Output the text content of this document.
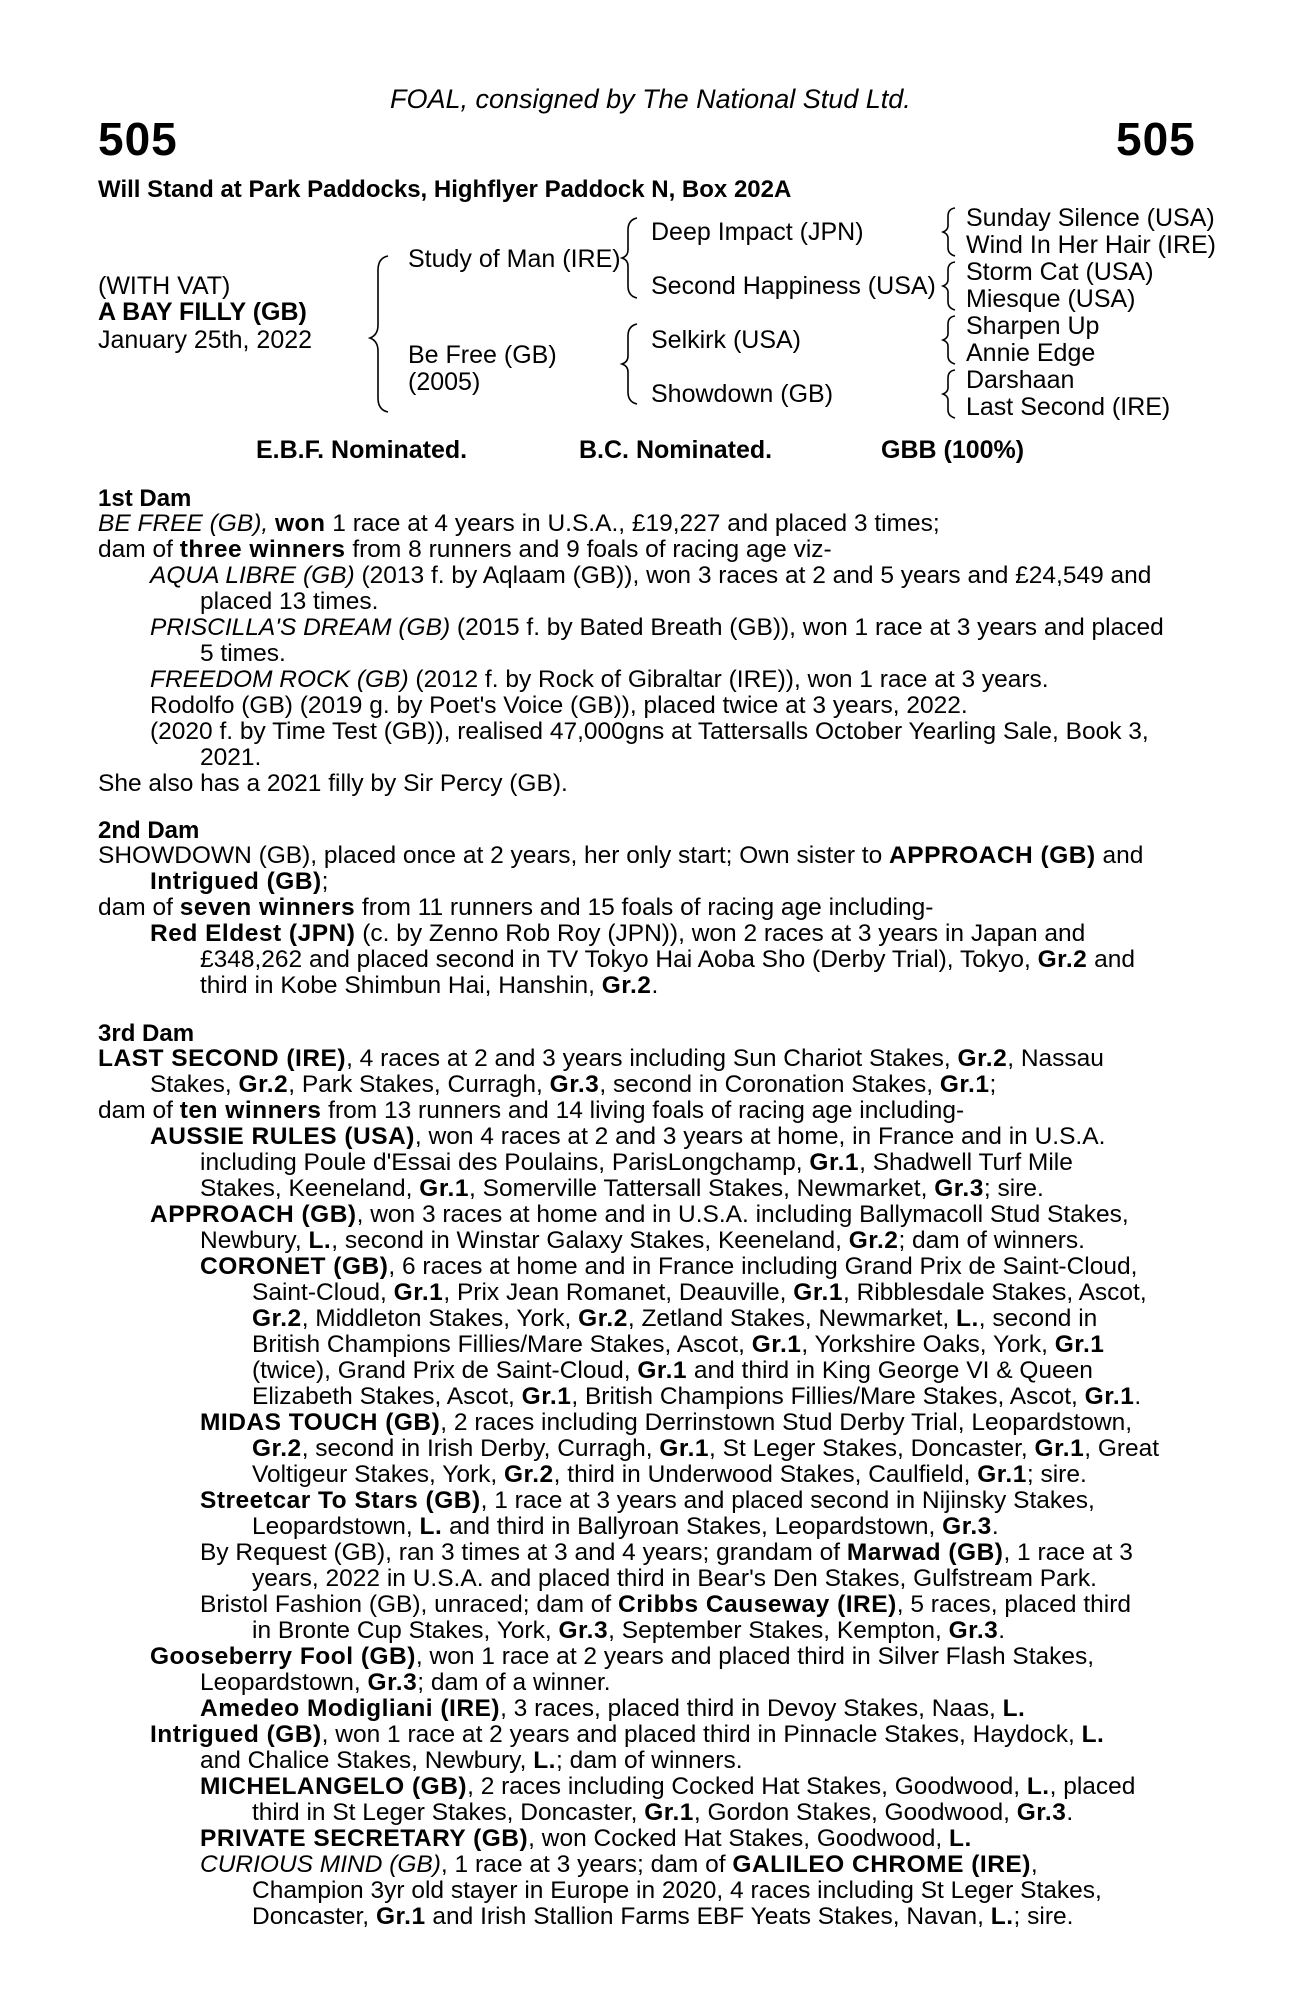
FOAL, consigned by The National Stud Ltd.
505	505
Will Stand at Park Paddocks, Highflyer Paddock N, Box 202A
(WITH VAT)
A BAY FILLY (GB)
January 25th, 2022
Study of Man (IRE)
Be Free (GB)
(2005)
Deep Impact (JPN)
Second Happiness (USA)
Selkirk (USA)
Showdown (GB)
Sunday Silence (USA)
Wind In Her Hair (IRE)
Storm Cat (USA)
Miesque (USA)
Sharpen Up
Annie Edge
Darshaan
Last Second (IRE)
E.B.F. Nominated.	B.C. Nominated.	GBB (100%)
1st Dam
BE FREE (GB), won 1 race at 4 years in U.S.A., £19,227 and placed 3 times;
dam of three winners from 8 runners and 9 foals of racing age viz-
AQUA LIBRE (GB) (2013 f. by Aqlaam (GB)), won 3 races at 2 and 5 years and £24,549 and
placed 13 times.
PRISCILLA'S DREAM (GB) (2015 f. by Bated Breath (GB)), won 1 race at 3 years and placed
5 times.
FREEDOM ROCK (GB) (2012 f. by Rock of Gibraltar (IRE)), won 1 race at 3 years.
Rodolfo (GB) (2019 g. by Poet's Voice (GB)), placed twice at 3 years, 2022.
(2020 f. by Time Test (GB)), realised 47,000gns at Tattersalls October Yearling Sale, Book 3,
2021.
She also has a 2021 filly by Sir Percy (GB).
2nd Dam
SHOWDOWN (GB), placed once at 2 years, her only start; Own sister to APPROACH (GB) and
Intrigued (GB);
dam of seven winners from 11 runners and 15 foals of racing age including-
Red Eldest (JPN) (c. by Zenno Rob Roy (JPN)), won 2 races at 3 years in Japan and
£348,262 and placed second in TV Tokyo Hai Aoba Sho (Derby Trial), Tokyo, Gr.2 and
third in Kobe Shimbun Hai, Hanshin, Gr.2.
3rd Dam
LAST SECOND (IRE), 4 races at 2 and 3 years including Sun Chariot Stakes, Gr.2, Nassau
Stakes, Gr.2, Park Stakes, Curragh, Gr.3, second in Coronation Stakes, Gr.1;
dam of ten winners from 13 runners and 14 living foals of racing age including-
AUSSIE RULES (USA), won 4 races at 2 and 3 years at home, in France and in U.S.A.
including Poule d'Essai des Poulains, ParisLongchamp, Gr.1, Shadwell Turf Mile
Stakes, Keeneland, Gr.1, Somerville Tattersall Stakes, Newmarket, Gr.3; sire.
APPROACH (GB), won 3 races at home and in U.S.A. including Ballymacoll Stud Stakes,
Newbury, L., second in Winstar Galaxy Stakes, Keeneland, Gr.2; dam of winners.
CORONET (GB), 6 races at home and in France including Grand Prix de Saint-Cloud,
Saint-Cloud, Gr.1, Prix Jean Romanet, Deauville, Gr.1, Ribblesdale Stakes, Ascot,
Gr.2, Middleton Stakes, York, Gr.2, Zetland Stakes, Newmarket, L., second in
British Champions Fillies/Mare Stakes, Ascot, Gr.1, Yorkshire Oaks, York, Gr.1
(twice), Grand Prix de Saint-Cloud, Gr.1 and third in King George VI & Queen
Elizabeth Stakes, Ascot, Gr.1, British Champions Fillies/Mare Stakes, Ascot, Gr.1.
MIDAS TOUCH (GB), 2 races including Derrinstown Stud Derby Trial, Leopardstown,
Gr.2, second in Irish Derby, Curragh, Gr.1, St Leger Stakes, Doncaster, Gr.1, Great
Voltigeur Stakes, York, Gr.2, third in Underwood Stakes, Caulfield, Gr.1; sire.
Streetcar To Stars (GB), 1 race at 3 years and placed second in Nijinsky Stakes,
Leopardstown, L. and third in Ballyroan Stakes, Leopardstown, Gr.3.
By Request (GB), ran 3 times at 3 and 4 years; grandam of Marwad (GB), 1 race at 3
years, 2022 in U.S.A. and placed third in Bear's Den Stakes, Gulfstream Park.
Bristol Fashion (GB), unraced; dam of Cribbs Causeway (IRE), 5 races, placed third
in Bronte Cup Stakes, York, Gr.3, September Stakes, Kempton, Gr.3.
Gooseberry Fool (GB), won 1 race at 2 years and placed third in Silver Flash Stakes,
Leopardstown, Gr.3; dam of a winner.
Amedeo Modigliani (IRE), 3 races, placed third in Devoy Stakes, Naas, L.
Intrigued (GB), won 1 race at 2 years and placed third in Pinnacle Stakes, Haydock, L.
and Chalice Stakes, Newbury, L.; dam of winners.
MICHELANGELO (GB), 2 races including Cocked Hat Stakes, Goodwood, L., placed
third in St Leger Stakes, Doncaster, Gr.1, Gordon Stakes, Goodwood, Gr.3.
PRIVATE SECRETARY (GB), won Cocked Hat Stakes, Goodwood, L.
CURIOUS MIND (GB), 1 race at 3 years; dam of GALILEO CHROME (IRE),
Champion 3yr old stayer in Europe in 2020, 4 races including St Leger Stakes,
Doncaster, Gr.1 and Irish Stallion Farms EBF Yeats Stakes, Navan, L.; sire.
